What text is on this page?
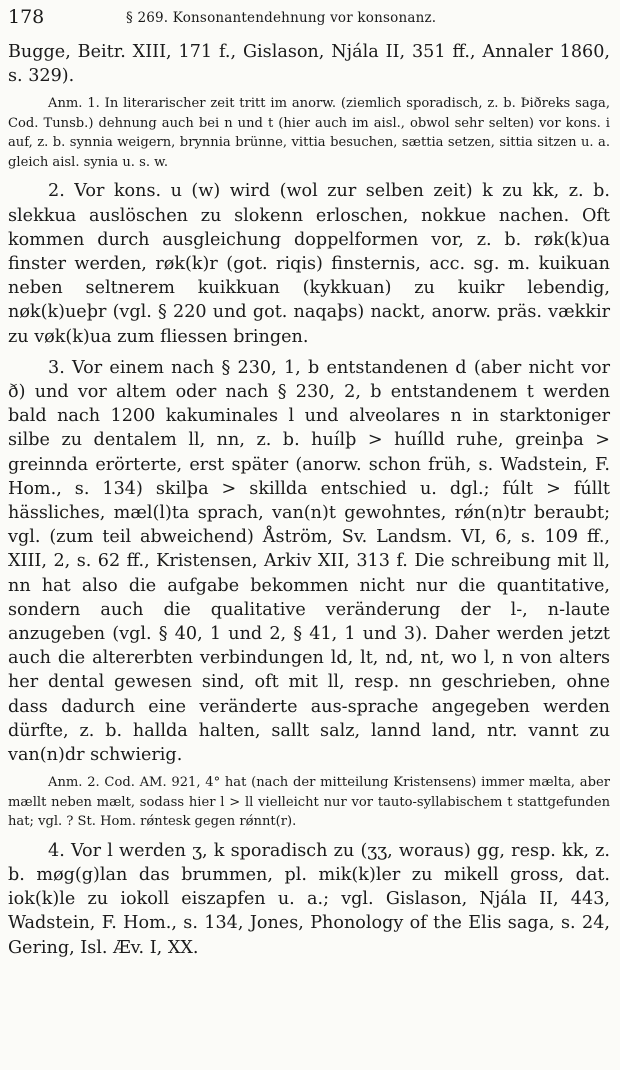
178	§ 269. Konsonantendehnung vor konsonanz.

Bugge, Beitr. XIII, 171 f., Gislason, Njála II, 351 ff., Annaler 1860, s. 329).

Anm. 1. In literarischer zeit tritt im anorw. (ziemlich sporadisch, z. b. Þiðreks saga, Cod. Tunsb.) dehnung auch bei n und t (hier auch im aisl., obwol sehr selten) vor kons. i auf, z. b. synnia weigern, brynnia brünne, vittia besuchen, sættia setzen, sittia sitzen u. a. gleich aisl. synia u. s. w.

2. Vor kons. u (w) wird (wol zur selben zeit) k zu kk, z. b. slekkua auslöschen zu slokenn erloschen, nokkue nachen. Oft kommen durch ausgleichung doppelformen vor, z. b. røk(k)ua finster werden, røk(k)r (got. riqis) finsternis, acc. sg. m. kuikuan neben seltnerem kuikkuan (kykkuan) zu kuikr lebendig, nøk(k)ueþr (vgl. § 220 und got. naqaþs) nackt, anorw. präs. vækkir zu vøk(k)ua zum fliessen bringen.

3. Vor einem nach § 230, 1, b entstandenen d (aber nicht vor ð) und vor altem oder nach § 230, 2, b entstandenem t werden bald nach 1200 kakuminales l und alveolares n in starktoniger silbe zu dentalem ll, nn, z. b. huílþ > huílld ruhe, greinþa > greinnda erörterte, erst später (anorw. schon früh, s. Wadstein, F. Hom., s. 134) skilþa > skillda entschied u. dgl.; fúlt > fúllt hässliches, mæl(l)ta sprach, van(n)t gewohntes, rǿn(n)tr beraubt; vgl. (zum teil abweichend) Åström, Sv. Landsm. VI, 6, s. 109 ff., XIII, 2, s. 62 ff., Kristensen, Arkiv XII, 313 f. Die schreibung mit ll, nn hat also die aufgabe bekommen nicht nur die quantitative, sondern auch die qualitative veränderung der l-, n-laute anzugeben (vgl. § 40, 1 und 2, § 41, 1 und 3). Daher werden jetzt auch die altererbten verbindungen ld, lt, nd, nt, wo l, n von alters her dental gewesen sind, oft mit ll, resp. nn geschrieben, ohne dass dadurch eine veränderte aus-sprache angegeben werden dürfte, z. b. hallda halten, sallt salz, lannd land, ntr. vannt zu van(n)dr schwierig.

Anm. 2. Cod. AM. 921, 4° hat (nach der mitteilung Kristensens) immer mælta, aber mællt neben mælt, sodass hier l > ll vielleicht nur vor tauto-syllabischem t stattgefunden hat; vgl. ? St. Hom. rǿntesk gegen rǿnnt(r).

4. Vor l werden ʒ, k sporadisch zu (ʒʒ, woraus) gg, resp. kk, z. b. møg(g)lan das brummen, pl. mik(k)ler zu mikell gross, dat. iok(k)le zu iokoll eiszapfen u. a.; vgl. Gislason, Njála II, 443, Wadstein, F. Hom., s. 134, Jones, Phonology of the Elis saga, s. 24, Gering, Isl. Æv. I, XX.
